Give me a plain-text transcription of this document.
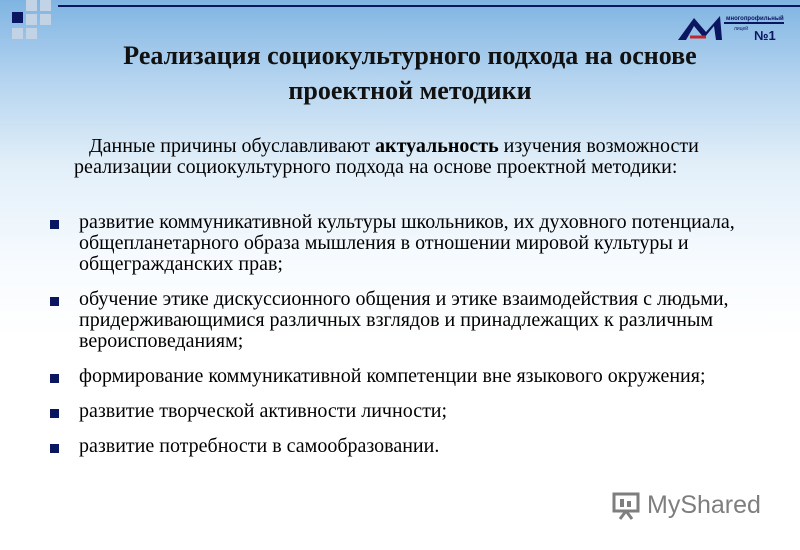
многопрофильный
лицей №1
Реализация социокультурного подхода на основе проектной методики
Данные причины обуславливают актуальность изучения возможности реализации социокультурного подхода на основе проектной методики:
развитие коммуникативной культуры школьников, их духовного потенциала, общепланетарного образа мышления в отношении мировой культуры и общегражданских прав;
обучение этике дискуссионного общения и этике взаимодействия с людьми, придерживающимися различных взглядов и принадлежащих к различным вероисповеданиям;
формирование коммуникативной компетенции вне языкового окружения;
развитие творческой активности личности;
развитие потребности в самообразовании.
MyShared
